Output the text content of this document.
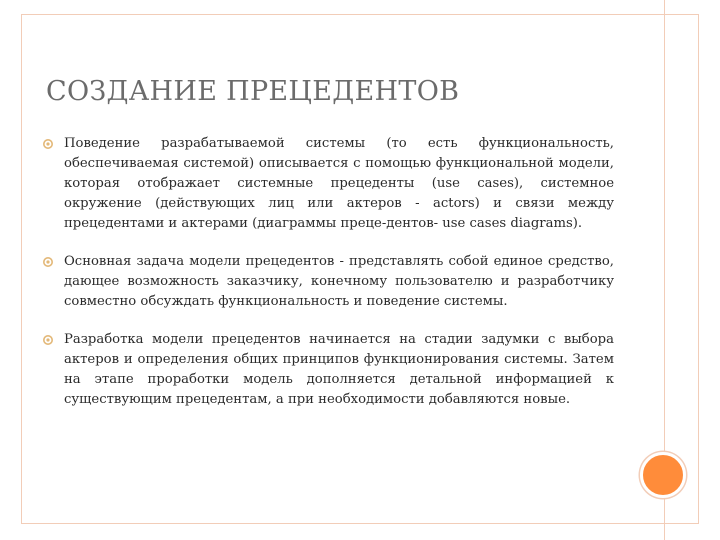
СОЗДАНИЕ ПРЕЦЕДЕНТОВ
Поведение разрабатываемой системы (то есть функциональность, обеспечиваемая системой) описывается с помощью функциональной модели, которая отображает системные прецеденты (use cases), системное окружение (действующих лиц или актеров - actors) и связи между прецедентами и актерами (диаграммы преце-дентов- use cases diagrams).
Основная задача модели прецедентов - представлять собой единое средство, дающее возможность заказчику, конечному пользователю и разработчику совместно обсуждать функциональность и поведение системы.
Разработка модели прецедентов начинается на стадии задумки с выбора актеров и определения общих принципов функционирования системы. Затем на этапе проработки модель дополняется детальной информацией к существующим прецедентам, а при необходимости добавляются новые.
